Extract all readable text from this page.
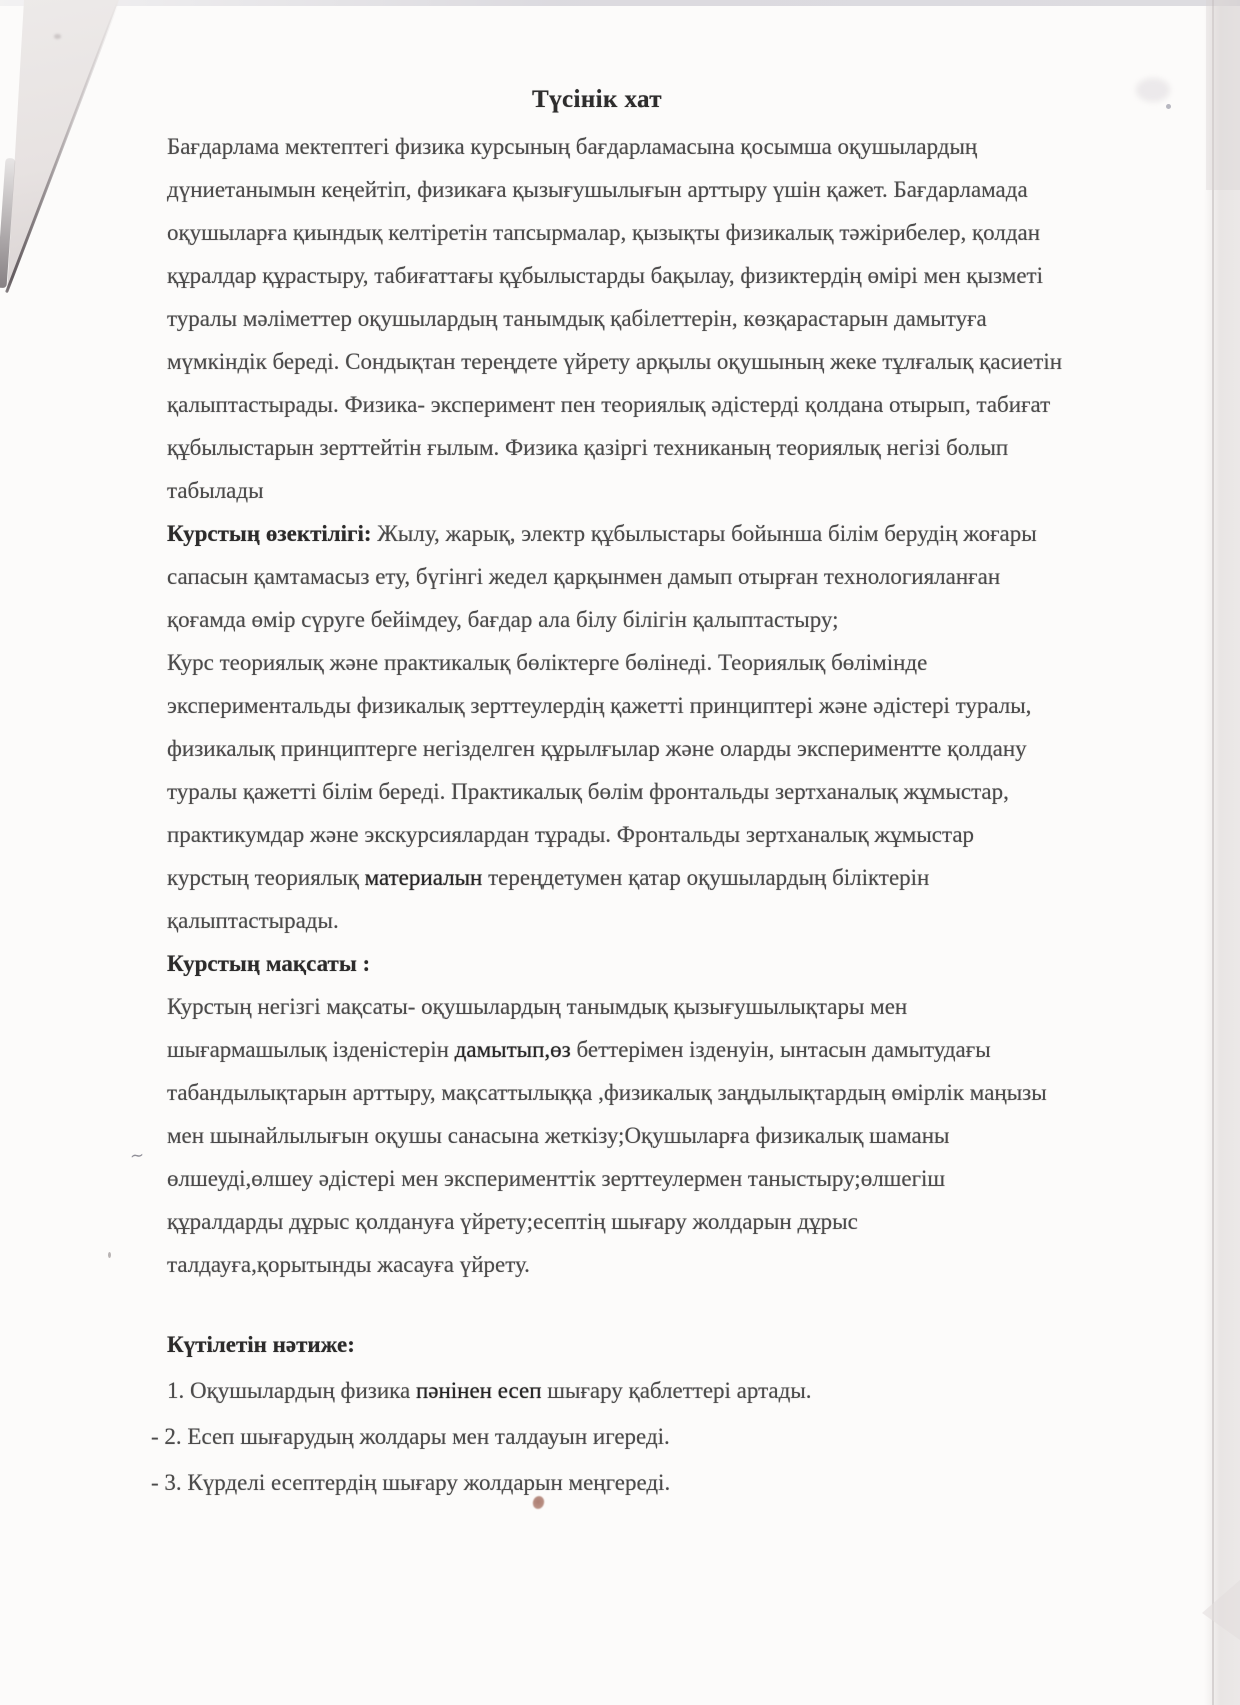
~
Түсінік хат
Бағдарлама мектептегі физика курсының бағдарламасына қосымша оқушылардың
дүниетанымын кеңейтіп, физикаға қызығушылығын арттыру үшін қажет. Бағдарламада
оқушыларға қиындық келтіретін тапсырмалар, қызықты физикалық тәжірибелер, қолдан
құралдар құрастыру, табиғаттағы құбылыстарды бақылау, физиктердің өмірі мен қызметі
туралы мәліметтер оқушылардың танымдық қабілеттерін, көзқарастарын дамытуға
мүмкіндік береді. Сондықтан тереңдете үйрету арқылы оқушының жеке тұлғалық қасиетін
қалыптастырады. Физика- эксперимент пен теориялық әдістерді қолдана отырып, табиғат
құбылыстарын зерттейтін ғылым. Физика қазіргі техниканың теориялық негізі болып
табылады
Курстың өзектілігі: Жылу, жарық, электр құбылыстары бойынша білім берудің жоғары
сапасын қамтамасыз ету, бүгінгі жедел қарқынмен дамып отырған технологияланған
қоғамда өмір сүруге бейімдеу, бағдар ала білу білігін қалыптастыру;
Курс теориялық және практикалық бөліктерге бөлінеді. Теориялық бөлімінде
экспериментальды физикалық зерттеулердің қажетті принциптері және әдістері туралы,
физикалық принциптерге негізделген құрылғылар және оларды экспериментте қолдану
туралы қажетті білім береді. Практикалық бөлім фронтальды зертханалық жұмыстар,
практикумдар және экскурсиялардан тұрады. Фронтальды зертханалық жұмыстар
курстың теориялық материалын тереңдетумен қатар оқушылардың біліктерін
қалыптастырады.
Курстың мақсаты :
Курстың негізгі мақсаты- оқушылардың танымдық қызығушылықтары мен
шығармашылық ізденістерін дамытып,өз беттерімен ізденуін, ынтасын дамытудағы
табандылықтарын арттыру, мақсаттылыққа ,физикалық заңдылықтардың өмірлік маңызы
мен шынайлылығын оқушы санасына жеткізу;Оқушыларға физикалық шаманы
өлшеуді,өлшеу әдістері мен эксперименттік зерттеулермен таныстыру;өлшегіш
құралдарды дұрыс қолдануға үйрету;есептің шығару жолдарын дұрыс
талдауға,қорытынды жасауға үйрету.
Күтілетін нәтиже:
1. Оқушылардың физика пәнінен есеп шығару қаблеттері артады.
- 2. Есеп шығарудың жолдары мен талдауын игереді.
- 3. Күрделі есептердің шығару жолдарын меңгереді.
